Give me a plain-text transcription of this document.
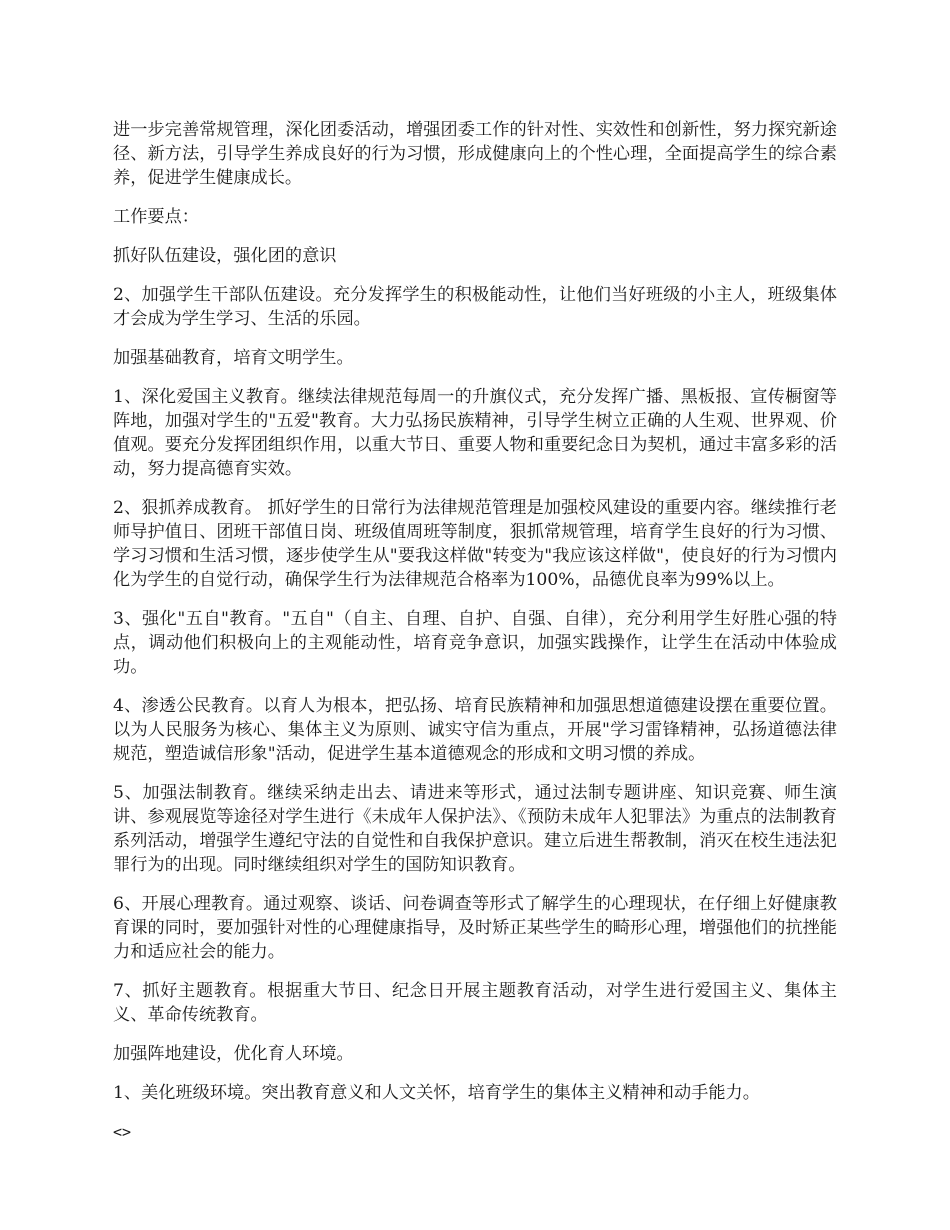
进一步完善常规管理，深化团委活动，增强团委工作的针对性、实效性和创新性，努力探究新途径、新方法，引导学生养成良好的行为习惯，形成健康向上的个性心理，全面提高学生的综合素养，促进学生健康成长。

工作要点：

抓好队伍建设，强化团的意识

2、加强学生干部队伍建设。充分发挥学生的积极能动性，让他们当好班级的小主人，班级集体才会成为学生学习、生活的乐园。

加强基础教育，培育文明学生。

1、深化爱国主义教育。继续法律规范每周一的升旗仪式，充分发挥广播、黑板报、宣传橱窗等阵地，加强对学生的"五爱"教育。大力弘扬民族精神，引导学生树立正确的人生观、世界观、价值观。要充分发挥团组织作用，以重大节日、重要人物和重要纪念日为契机，通过丰富多彩的活动，努力提高德育实效。

2、狠抓养成教育。 抓好学生的日常行为法律规范管理是加强校风建设的重要内容。继续推行老师导护值日、团班干部值日岗、班级值周班等制度，狠抓常规管理，培育学生良好的行为习惯、学习习惯和生活习惯，逐步使学生从"要我这样做"转变为"我应该这样做"，使良好的行为习惯内化为学生的自觉行动，确保学生行为法律规范合格率为100%，品德优良率为99%以上。

3、强化"五自"教育。"五自"（自主、自理、自护、自强、自律），充分利用学生好胜心强的特点，调动他们积极向上的主观能动性，培育竞争意识，加强实践操作，让学生在活动中体验成功。

4、渗透公民教育。以育人为根本，把弘扬、培育民族精神和加强思想道德建设摆在重要位置。以为人民服务为核心、集体主义为原则、诚实守信为重点，开展"学习雷锋精神，弘扬道德法律规范，塑造诚信形象"活动，促进学生基本道德观念的形成和文明习惯的养成。

5、加强法制教育。继续采纳走出去、请进来等形式，通过法制专题讲座、知识竞赛、师生演讲、参观展览等途径对学生进行《未成年人保护法》、《预防未成年人犯罪法》为重点的法制教育系列活动，增强学生遵纪守法的自觉性和自我保护意识。建立后进生帮教制，消灭在校生违法犯罪行为的出现。同时继续组织对学生的国防知识教育。

6、开展心理教育。通过观察、谈话、问卷调查等形式了解学生的心理现状，在仔细上好健康教育课的同时，要加强针对性的心理健康指导，及时矫正某些学生的畸形心理，增强他们的抗挫能力和适应社会的能力。

7、抓好主题教育。根据重大节日、纪念日开展主题教育活动，对学生进行爱国主义、集体主义、革命传统教育。

加强阵地建设，优化育人环境。

1、美化班级环境。突出教育意义和人文关怀，培育学生的集体主义精神和动手能力。

<>
